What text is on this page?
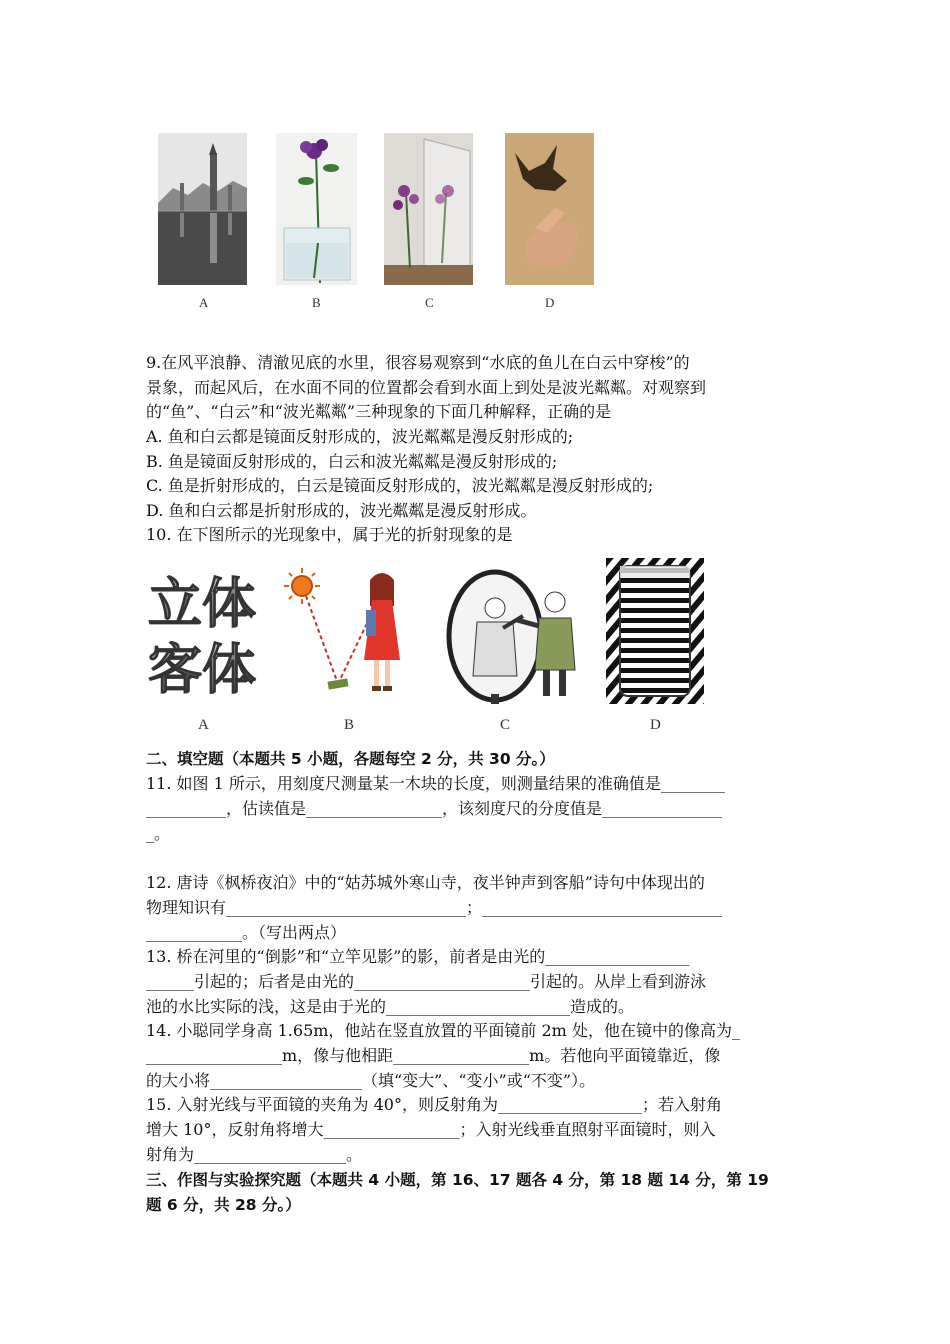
A	B	C	D
9.在风平浪静、清澈见底的水里，很容易观察到“水底的鱼儿在白云中穿梭”的
景象，而起风后，在水面不同的位置都会看到水面上到处是波光粼粼。对观察到
的“鱼”、“白云”和“波光粼粼”三种现象的下面几种解释，正确的是
A. 鱼和白云都是镜面反射形成的，波光粼粼是漫反射形成的;
B. 鱼是镜面反射形成的，白云和波光粼粼是漫反射形成的;
C. 鱼是折射形成的，白云是镜面反射形成的，波光粼粼是漫反射形成的;
D. 鱼和白云都是折射形成的，波光粼粼是漫反射形成。
10. 在下图所示的光现象中，属于光的折射现象的是
立 体
客 体
A	B	C	D
二、填空题（本题共 5 小题，各题每空 2 分，共 30 分。）
11. 如图 1 所示，用刻度尺测量某一木块的长度，则测量结果的准确值是________
__________，估读值是_________________，该刻度尺的分度值是_______________
_。
12. 唐诗《枫桥夜泊》中的“姑苏城外寒山寺，夜半钟声到客船”诗句中体现出的
物理知识有______________________________；______________________________
____________。（写出两点）
13. 桥在河里的“倒影”和“立竿见影”的影，前者是由光的__________________
______引起的；后者是由光的______________________引起的。从岸上看到游泳
池的水比实际的浅，这是由于光的_______________________造成的。
14. 小聪同学身高 1.65m，他站在竖直放置的平面镜前 2m 处，他在镜中的像高为_
_________________m，像与他相距_________________m。若他向平面镜靠近，像
的大小将___________________（填“变大”、“变小”或“不变”）。
15. 入射光线与平面镜的夹角为 40°，则反射角为__________________；若入射角
增大 10°，反射角将增大_________________；入射光线垂直照射平面镜时，则入
射角为___________________。
三、作图与实验探究题（本题共 4 小题，第 16、17 题各 4 分，第 18 题 14 分，第 19
题 6 分，共 28 分。）
